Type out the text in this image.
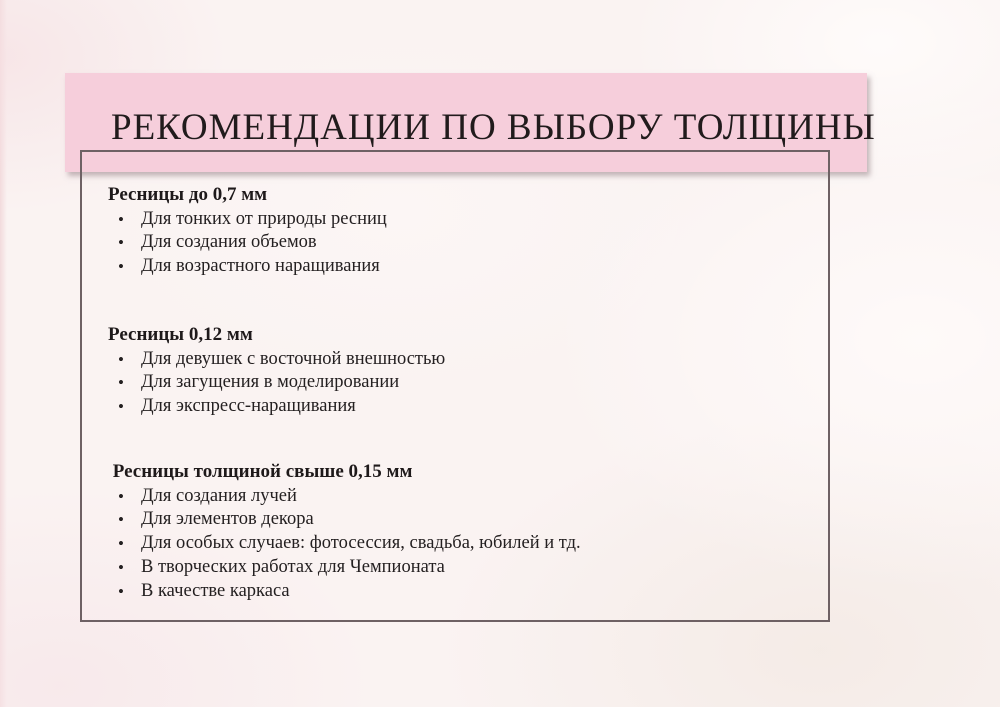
РЕКОМЕНДАЦИИ ПО ВЫБОРУ ТОЛЩИНЫ
Ресницы до 0,7 мм
• Для тонких от природы ресниц
• Для создания объемов
• Для возрастного наращивания
Ресницы 0,12 мм
• Для девушек с восточной внешностью
• Для загущения в моделировании
• Для экспресс-наращивания
Ресницы толщиной свыше 0,15 мм
• Для создания лучей
• Для элементов декора
• Для особых случаев: фотосессия, свадьба, юбилей и тд.
• В творческих работах для Чемпионата
• В качестве каркаса
